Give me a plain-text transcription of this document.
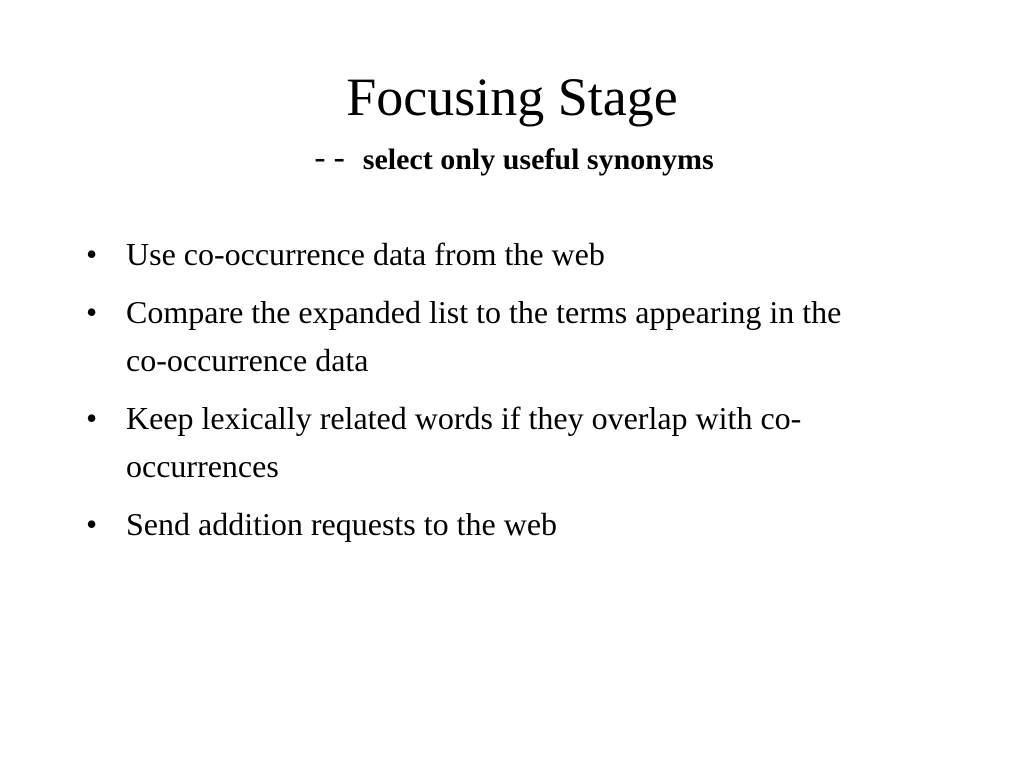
Focusing Stage
-- select only useful synonyms
• Use co-occurrence data from the web
• Compare the expanded list to the terms appearing in the co-occurrence data
• Keep lexically related words if they overlap with co-occurrences
• Send addition requests to the web
